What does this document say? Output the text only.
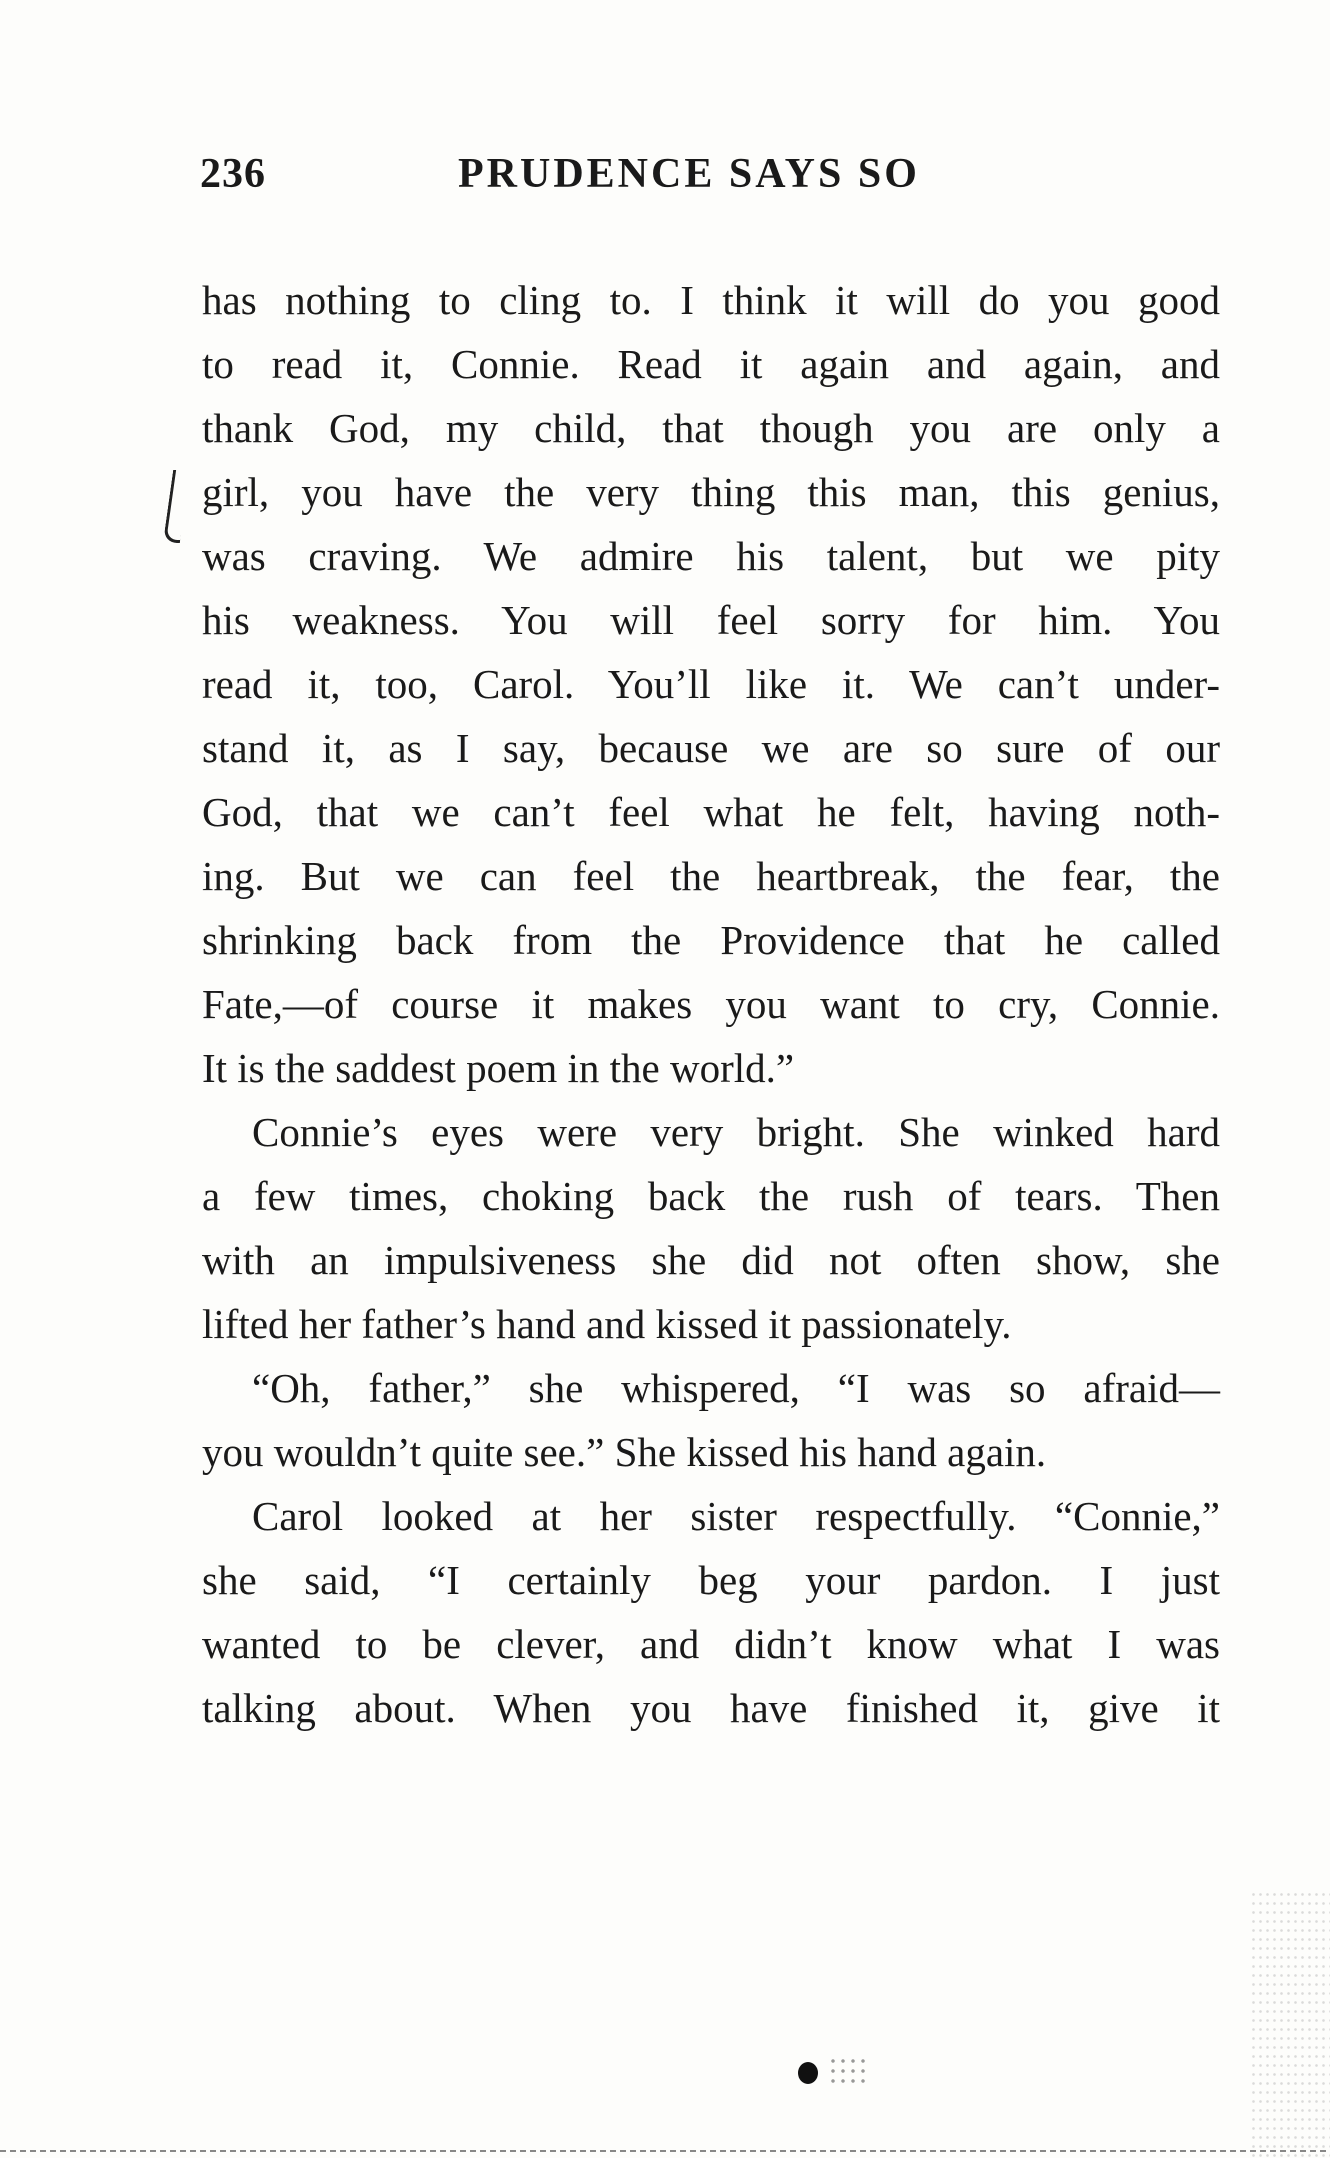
236	PRUDENCE SAYS SO
has nothing to cling to. I think it will do you good
to read it, Connie. Read it again and again, and
thank God, my child, that though you are only a
girl, you have the very thing this man, this genius,
was craving. We admire his talent, but we pity
his weakness. You will feel sorry for him. You
read it, too, Carol. You’ll like it. We can’t under-
stand it, as I say, because we are so sure of our
God, that we can’t feel what he felt, having noth-
ing. But we can feel the heartbreak, the fear, the
shrinking back from the Providence that he called
Fate,—of course it makes you want to cry, Connie.
It is the saddest poem in the world.”
Connie’s eyes were very bright. She winked hard
a few times, choking back the rush of tears. Then
with an impulsiveness she did not often show, she
lifted her father’s hand and kissed it passionately.
“Oh, father,” she whispered, “I was so afraid—
you wouldn’t quite see.” She kissed his hand again.
Carol looked at her sister respectfully. “Connie,”
she said, “I certainly beg your pardon. I just
wanted to be clever, and didn’t know what I was
talking about. When you have finished it, give it
